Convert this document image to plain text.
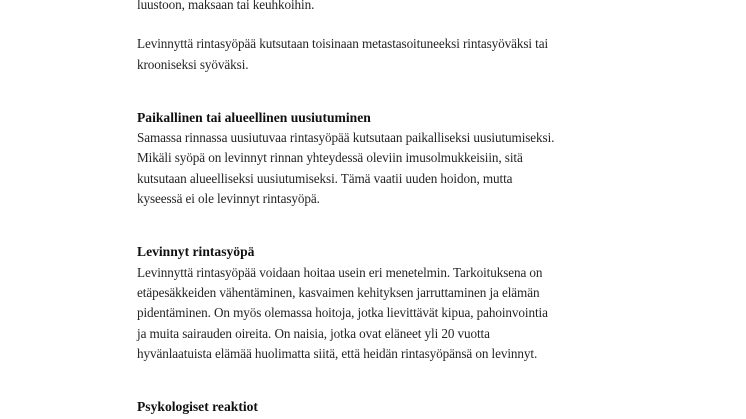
luustoon, maksaan tai keuhkoihin.

Levinnyttä rintasyöpää kutsutaan toisinaan metastasoituneeksi rintasyöväksi tai
krooniseksi syöväksi.
Paikallinen tai alueellinen uusiutuminen
Samassa rinnassa uusiutuvaa rintasyöpää kutsutaan paikalliseksi uusiutumiseksi.
Mikäli syöpä on levinnyt rinnan yhteydessä oleviin imusolmukkeisiin, sitä
kutsutaan alueelliseksi uusiutumiseksi. Tämä vaatii uuden hoidon, mutta
kyseessä ei ole levinnyt rintasyöpä.
Levinnyt rintasyöpä
Levinnyttä rintasyöpää voidaan hoitaa usein eri menetelmin. Tarkoituksena on
etäpesäkkeiden vähentäminen, kasvaimen kehityksen jarruttaminen ja elämän
pidentäminen. On myös olemassa hoitoja, jotka lievittävät kipua, pahoinvointia
ja muita sairauden oireita. On naisia, jotka ovat eläneet yli 20 vuotta
hyvänlaatuista elämää huolimatta siitä, että heidän rintasyöpänsä on levinnyt.
Psykologiset reaktiot
